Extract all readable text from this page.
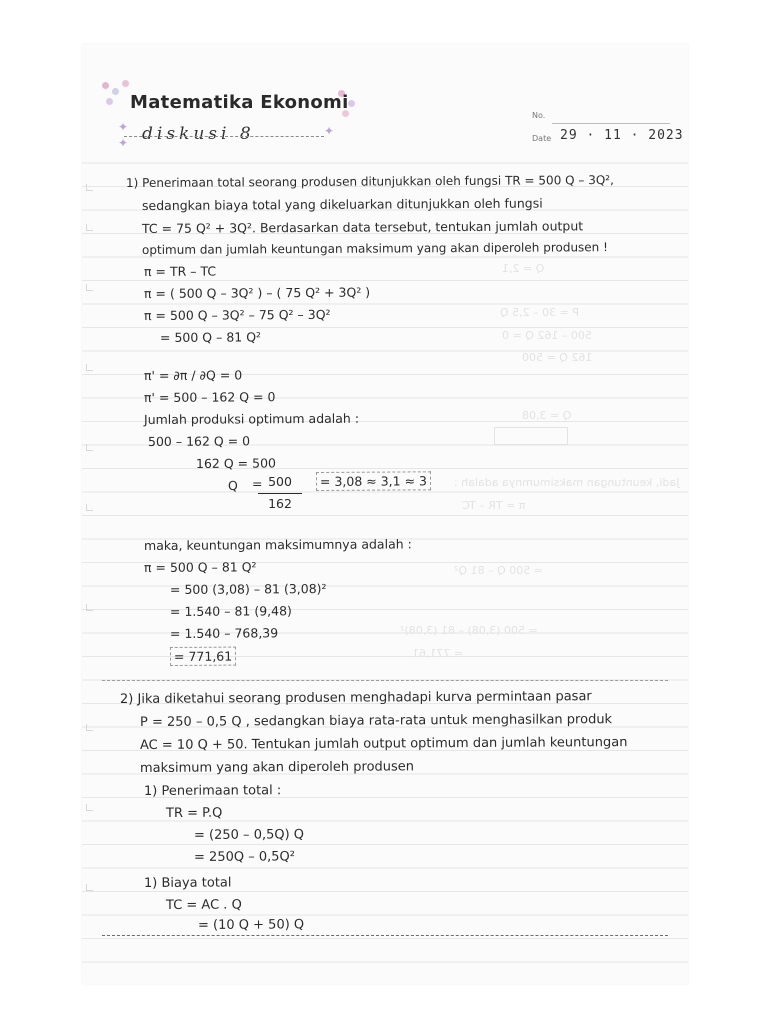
✦
✦
✦
Matematika Ekonomi
diskusi 8
No.
Date 29 · 11 · 2023
Q = 2,1
P = 30 – 2,5 Q
500 – 162 Q = 0
162 Q = 500
Q = 3,08
Jadi, keuntungan maksimumnya adalah :
π = TR – TC
= 500 Q – 81 Q²
= 500 (3,08) – 81 (3,08)²
= 771,61
1) Penerimaan total seorang produsen ditunjukkan oleh fungsi TR = 500 Q – 3Q²,
sedangkan biaya total yang dikeluarkan ditunjukkan oleh fungsi
TC = 75 Q² + 3Q². Berdasarkan data tersebut, tentukan jumlah output
optimum dan jumlah keuntungan maksimum yang akan diperoleh produsen !
π = TR – TC
π = ( 500 Q – 3Q² ) – ( 75 Q² + 3Q² )
π = 500 Q – 3Q² – 75 Q² – 3Q²
= 500 Q – 81 Q²
π' = ∂π / ∂Q = 0
π' = 500 – 162 Q = 0
Jumlah produksi optimum adalah :
500 – 162 Q = 0
162 Q = 500
Q = 500
162
= 3,08 ≈ 3,1 ≈ 3
maka, keuntungan maksimumnya adalah :
π = 500 Q – 81 Q²
= 500 (3,08) – 81 (3,08)²
= 1.540 – 81 (9,48)
= 1.540 – 768,39
= 771,61
2) Jika diketahui seorang produsen menghadapi kurva permintaan pasar
P = 250 – 0,5 Q , sedangkan biaya rata-rata untuk menghasilkan produk
AC = 10 Q + 50. Tentukan jumlah output optimum dan jumlah keuntungan
maksimum yang akan diperoleh produsen
1) Penerimaan total :
TR = P.Q
= (250 – 0,5Q) Q
= 250Q – 0,5Q²
1) Biaya total
TC = AC . Q
= (10 Q + 50) Q
